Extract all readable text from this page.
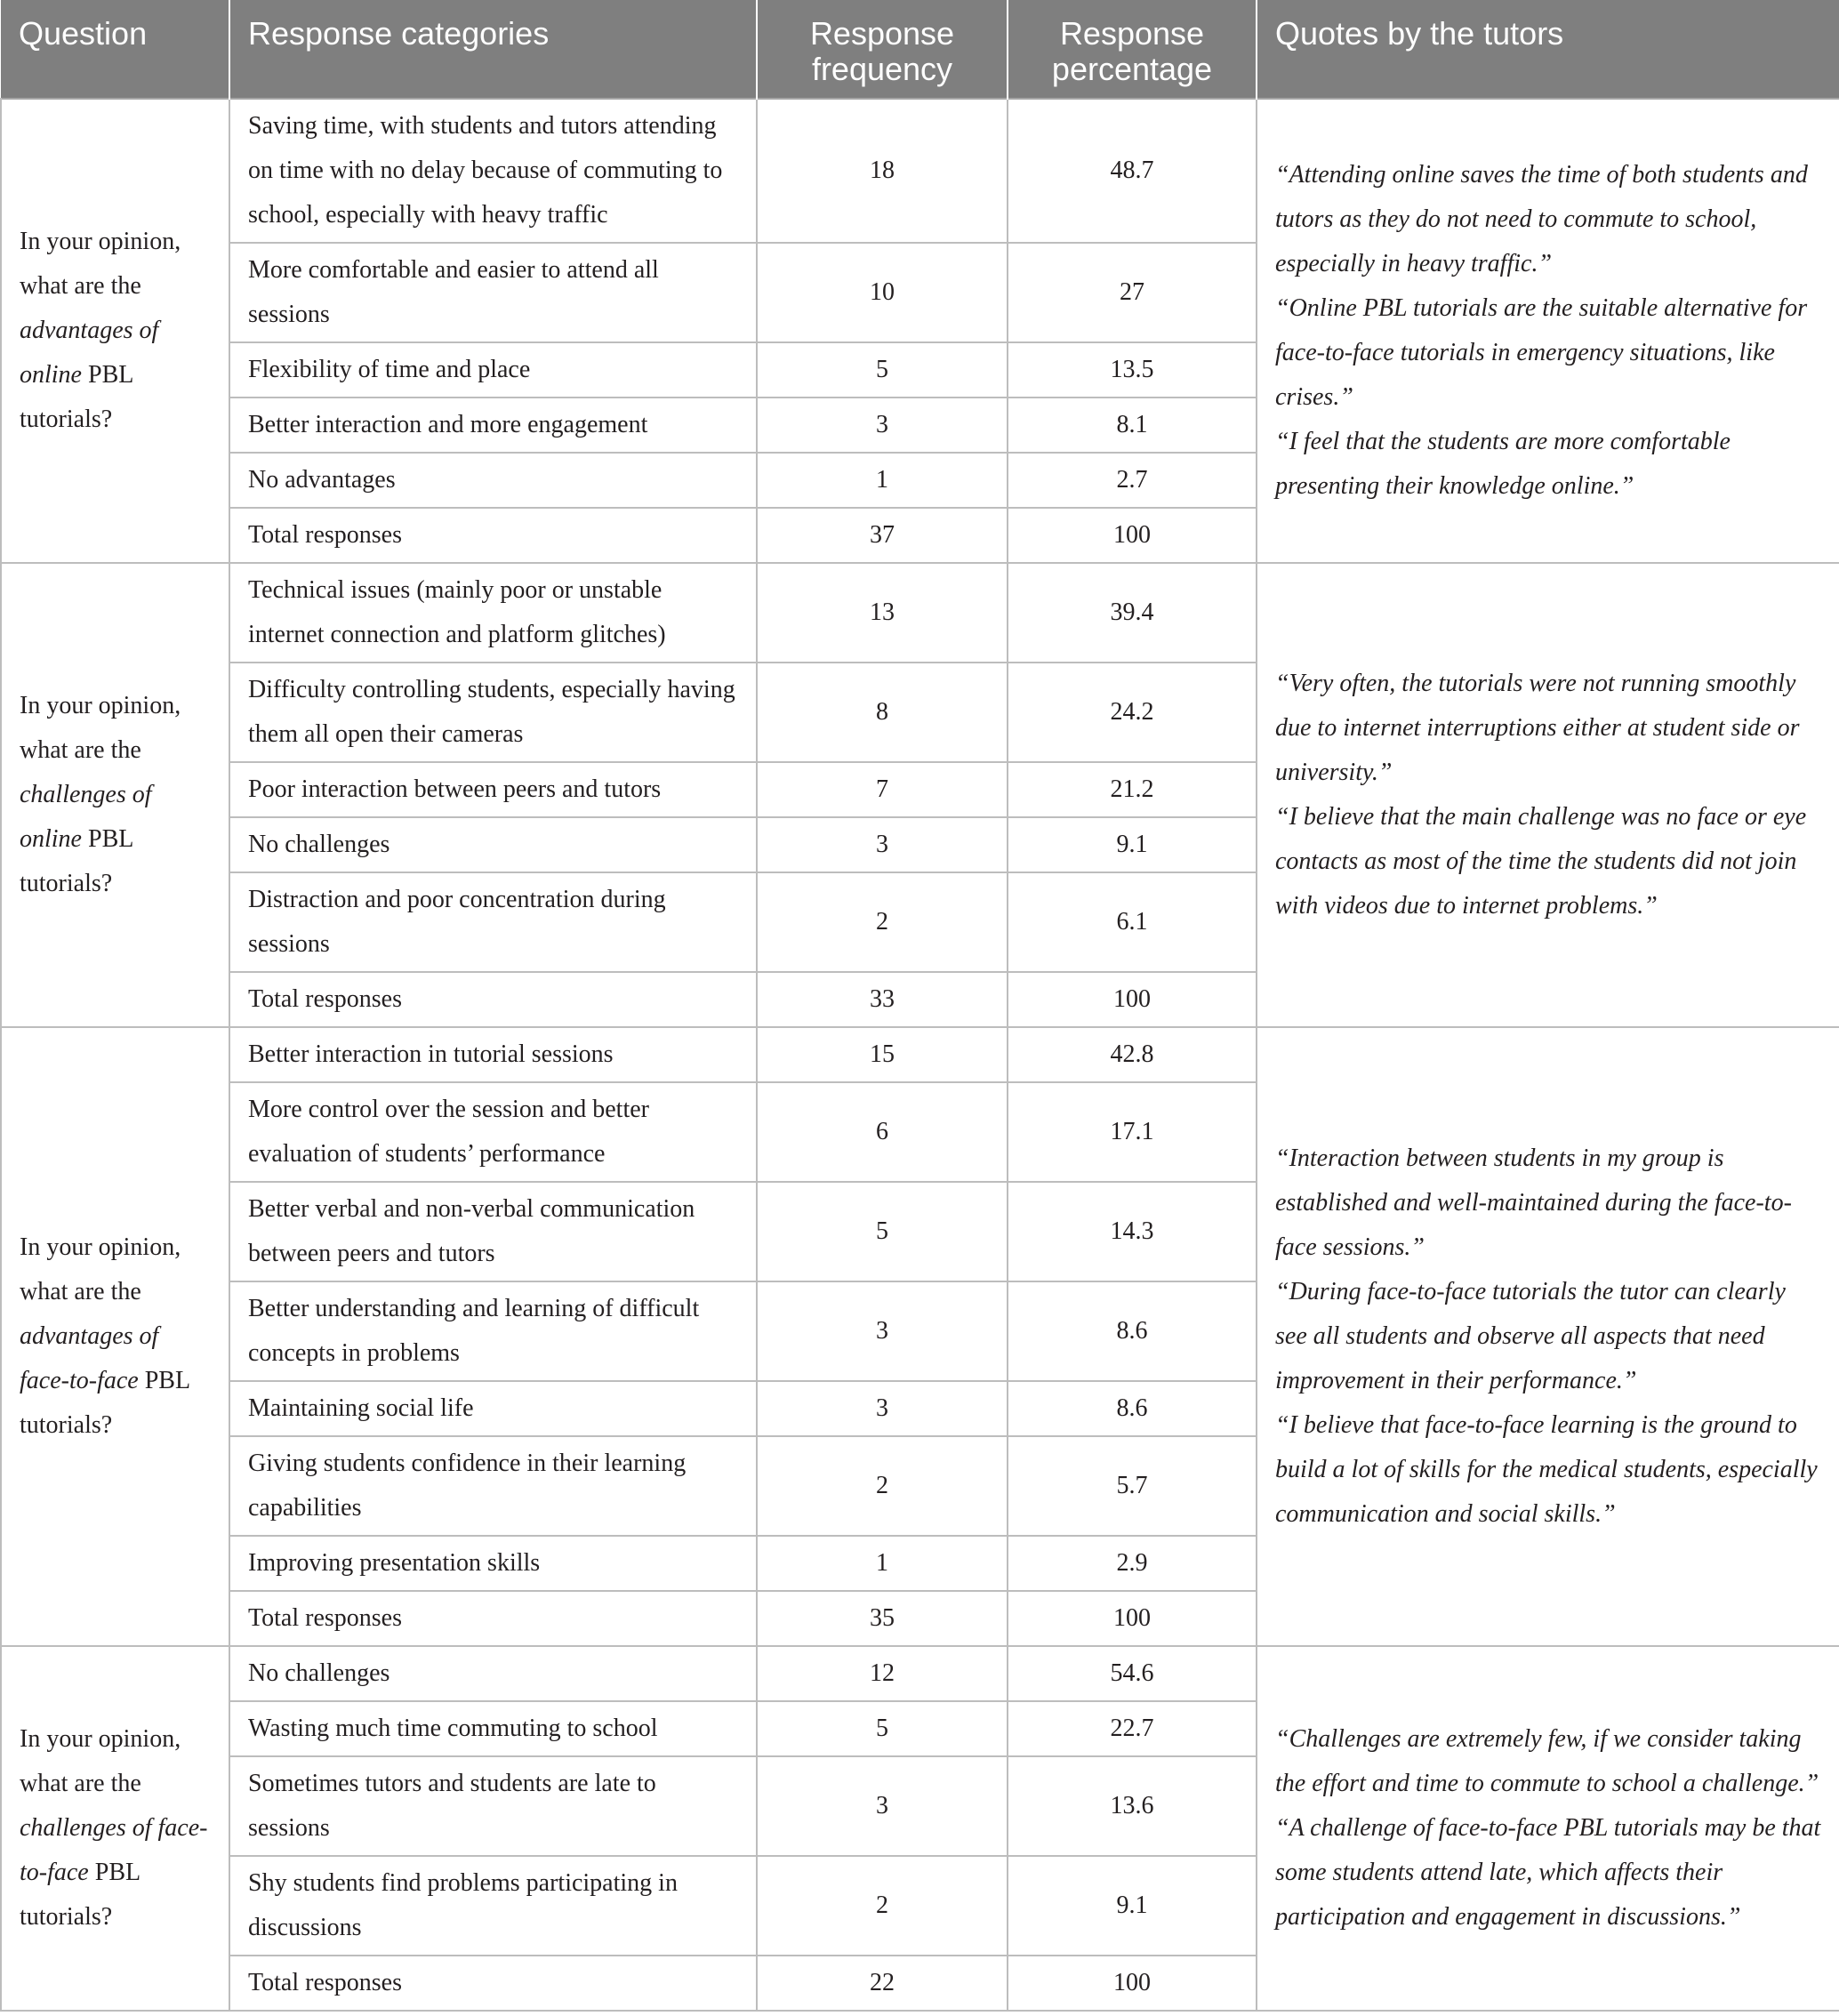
Question	Response categories	Response frequency	Response percentage	Quotes by the tutors
In your opinion, what are the advantages of online PBL tutorials?	Saving time, with students and tutors attending on time with no delay because of commuting to school, especially with heavy traffic	18	48.7	“Attending online saves the time of both students and tutors as they do not need to commute to school, especially in heavy traffic.”
“Online PBL tutorials are the suitable alternative for face-to-face tutorials in emergency situations, like crises.”
“I feel that the students are more comfortable presenting their knowledge online.”

	More comfortable and easier to attend all sessions	10	27	
	Flexibility of time and place	5	13.5	
	Better interaction and more engagement	3	8.1	
	No advantages	1	2.7	
	Total responses	37	100	
In your opinion, what are the challenges of online PBL tutorials?	Technical issues (mainly poor or unstable internet connection and platform glitches)	13	39.4	“Very often, the tutorials were not running smoothly due to internet interruptions either at student side or university.”
“I believe that the main challenge was no face or eye contacts as most of the time the students did not join with videos due to internet problems.”

	Difficulty controlling students, especially having them all open their cameras	8	24.2	
	Poor interaction between peers and tutors	7	21.2	
	No challenges	3	9.1	
	Distraction and poor concentration during sessions	2	6.1	
	Total responses	33	100	
In your opinion, what are the advantages of face-to-face PBL tutorials?	Better interaction in tutorial sessions	15	42.8	“Interaction between students in my group is established and well-maintained during the face-to-face sessions.”
“During face-to-face tutorials the tutor can clearly see all students and observe all aspects that need improvement in their performance.”
“I believe that face-to-face learning is the ground to build a lot of skills for the medical students, especially communication and social skills.”

	More control over the session and better evaluation of students’ performance	6	17.1	
	Better verbal and non-verbal communication between peers and tutors	5	14.3	
	Better understanding and learning of difficult concepts in problems	3	8.6	
	Maintaining social life	3	8.6	
	Giving students confidence in their learning capabilities	2	5.7	
	Improving presentation skills	1	2.9	
	Total responses	35	100	
In your opinion, what are the challenges of face-to-face PBL tutorials?	No challenges	12	54.6	“Challenges are extremely few, if we consider taking the effort and time to commute to school a challenge.”
“A challenge of face-to-face PBL tutorials may be that some students attend late, which affects their participation and engagement in discussions.”

	Wasting much time commuting to school	5	22.7	
	Sometimes tutors and students are late to sessions	3	13.6	
	Shy students find problems participating in discussions	2	9.1	
	Total responses	22	100	
